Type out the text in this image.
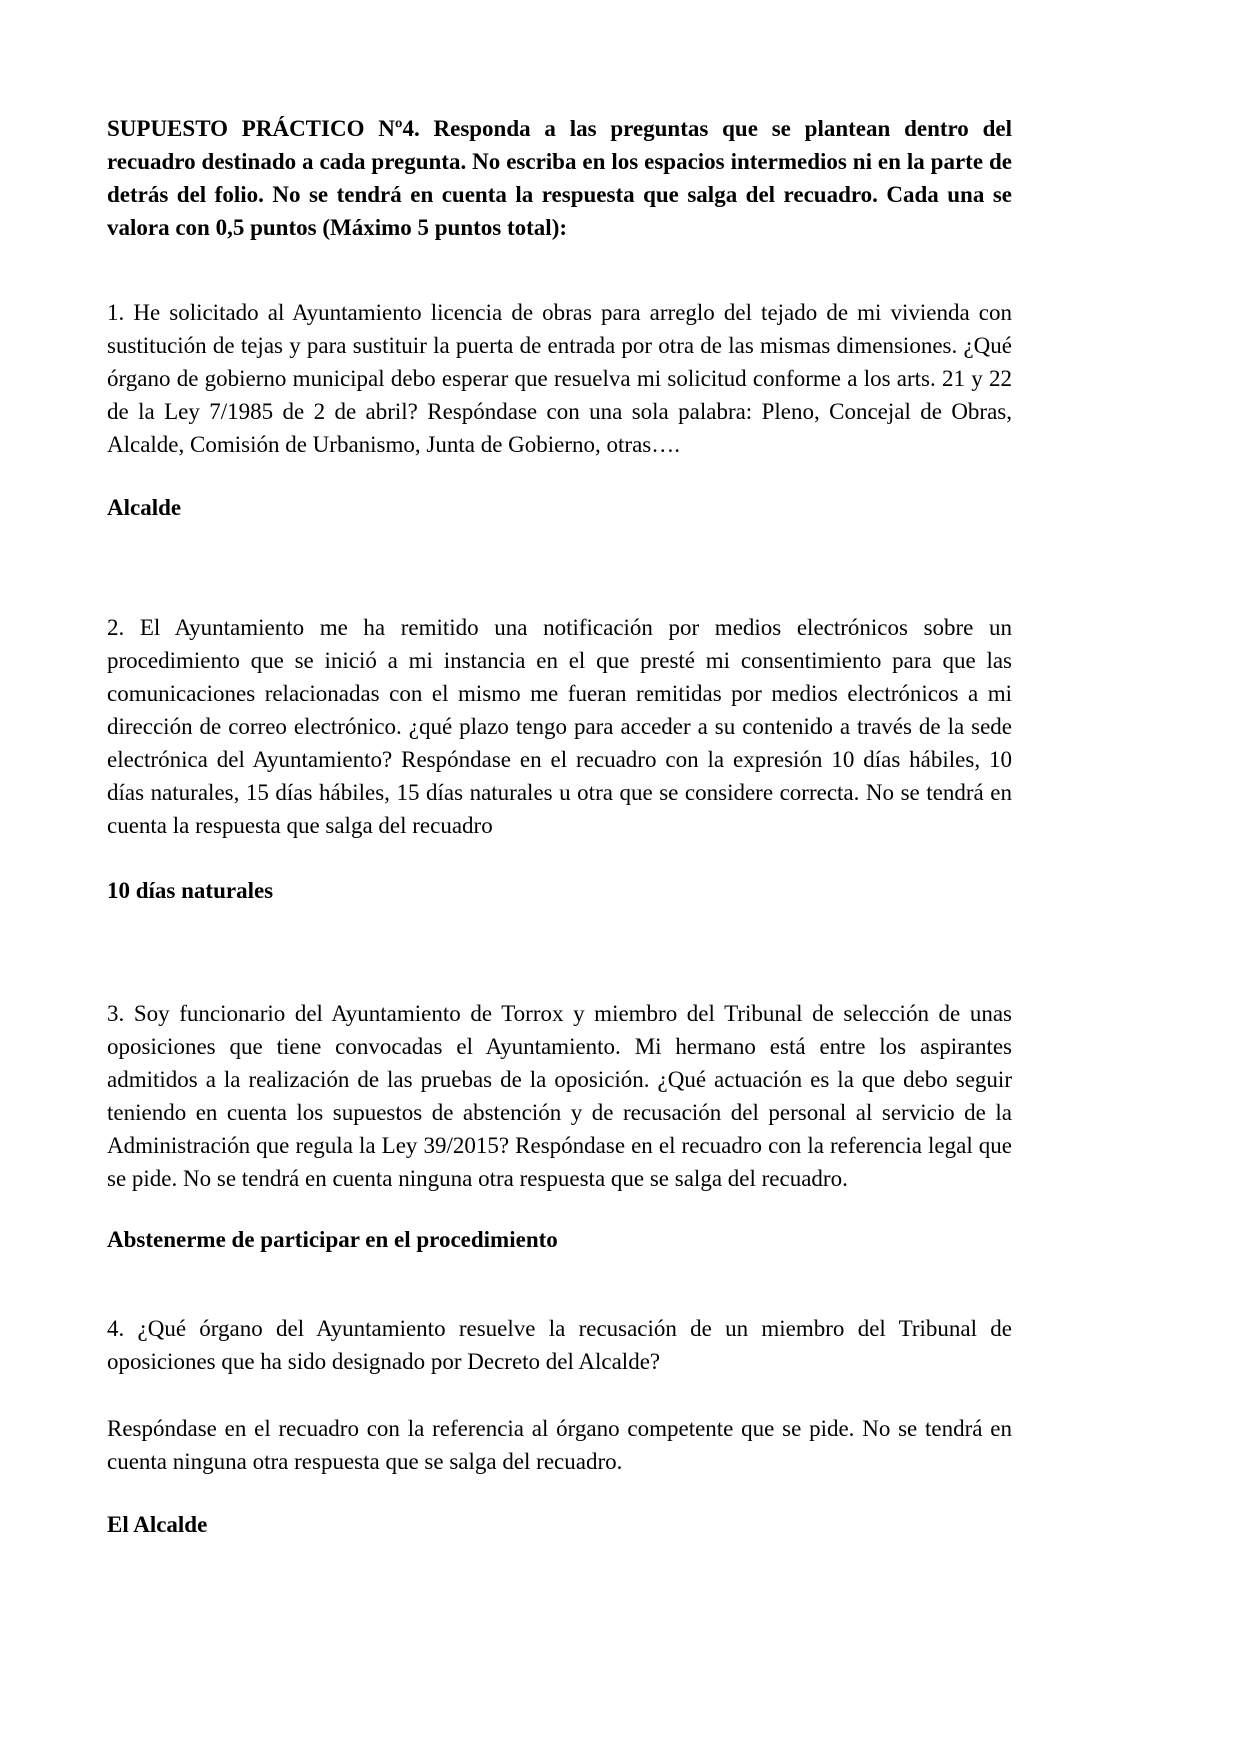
SUPUESTO PRÁCTICO Nº4. Responda a las preguntas que se plantean dentro del recuadro destinado a cada pregunta. No escriba en los espacios intermedios ni en la parte de detrás del folio. No se tendrá en cuenta la respuesta que salga del recuadro. Cada una se valora con 0,5 puntos (Máximo 5 puntos total):

1. He solicitado al Ayuntamiento licencia de obras para arreglo del tejado de mi vivienda con sustitución de tejas y para sustituir la puerta de entrada por otra de las mismas dimensiones. ¿Qué órgano de gobierno municipal debo esperar que resuelva mi solicitud conforme a los arts. 21 y 22 de la Ley 7/1985 de 2 de abril? Respóndase con una sola palabra: Pleno, Concejal de Obras, Alcalde, Comisión de Urbanismo, Junta de Gobierno, otras….

Alcalde

2. El Ayuntamiento me ha remitido una notificación por medios electrónicos sobre un procedimiento que se inició a mi instancia en el que presté mi consentimiento para que las comunicaciones relacionadas con el mismo me fueran remitidas por medios electrónicos a mi dirección de correo electrónico. ¿qué plazo tengo para acceder a su contenido a través de la sede electrónica del Ayuntamiento? Respóndase en el recuadro con la expresión 10 días hábiles, 10 días naturales, 15 días hábiles, 15 días naturales u otra que se considere correcta. No se tendrá en cuenta la respuesta que salga del recuadro

10 días naturales

3. Soy funcionario del Ayuntamiento de Torrox y miembro del Tribunal de selección de unas oposiciones que tiene convocadas el Ayuntamiento. Mi hermano está entre los aspirantes admitidos a la realización de las pruebas de la oposición. ¿Qué actuación es la que debo seguir teniendo en cuenta los supuestos de abstención y de recusación del personal al servicio de la Administración que regula la Ley 39/2015? Respóndase en el recuadro con la referencia legal que se pide. No se tendrá en cuenta ninguna otra respuesta que se salga del recuadro.

Abstenerme de participar en el procedimiento

4. ¿Qué órgano del Ayuntamiento resuelve la recusación de un miembro del Tribunal de oposiciones que ha sido designado por Decreto del Alcalde?

Respóndase en el recuadro con la referencia al órgano competente que se pide. No se tendrá en cuenta ninguna otra respuesta que se salga del recuadro.

El Alcalde
